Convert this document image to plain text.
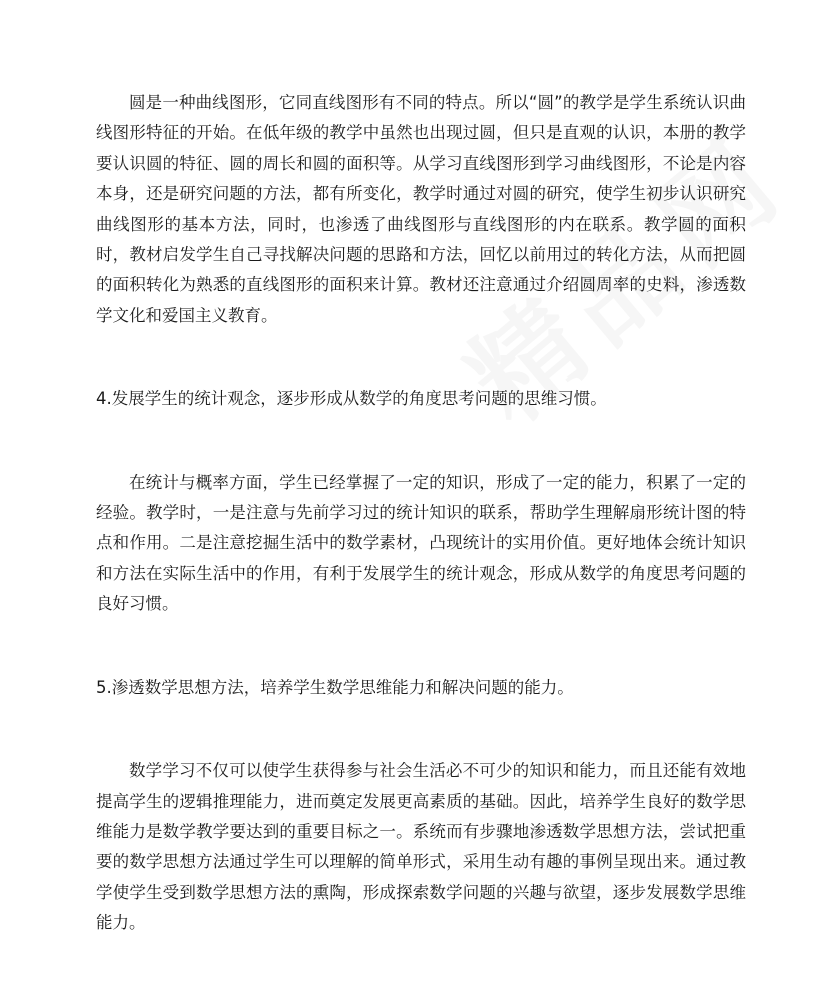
圆是一种曲线图形，它同直线图形有不同的特点。所以“圆”的教学是学生系统认识曲线图形特征的开始。在低年级的教学中虽然也出现过圆，但只是直观的认识，本册的教学要认识圆的特征、圆的周长和圆的面积等。从学习直线图形到学习曲线图形，不论是内容本身，还是研究问题的方法，都有所变化，教学时通过对圆的研究，使学生初步认识研究曲线图形的基本方法，同时，也渗透了曲线图形与直线图形的内在联系。教学圆的面积时，教材启发学生自己寻找解决问题的思路和方法，回忆以前用过的转化方法，从而把圆的面积转化为熟悉的直线图形的面积来计算。教材还注意通过介绍圆周率的史料，渗透数学文化和爱国主义教育。

4.发展学生的统计观念，逐步形成从数学的角度思考问题的思维习惯。

在统计与概率方面，学生已经掌握了一定的知识，形成了一定的能力，积累了一定的经验。教学时，一是注意与先前学习过的统计知识的联系，帮助学生理解扇形统计图的特点和作用。二是注意挖掘生活中的数学素材，凸现统计的实用价值。更好地体会统计知识和方法在实际生活中的作用，有利于发展学生的统计观念，形成从数学的角度思考问题的良好习惯。

5.渗透数学思想方法，培养学生数学思维能力和解决问题的能力。

数学学习不仅可以使学生获得参与社会生活必不可少的知识和能力，而且还能有效地提高学生的逻辑推理能力，进而奠定发展更高素质的基础。因此，培养学生良好的数学思维能力是数学教学要达到的重要目标之一。系统而有步骤地渗透数学思想方法，尝试把重要的数学思想方法通过学生可以理解的简单形式，采用生动有趣的事例呈现出来。通过教学使学生受到数学思想方法的熏陶，形成探索数学问题的兴趣与欲望，逐步发展数学思维能力。
